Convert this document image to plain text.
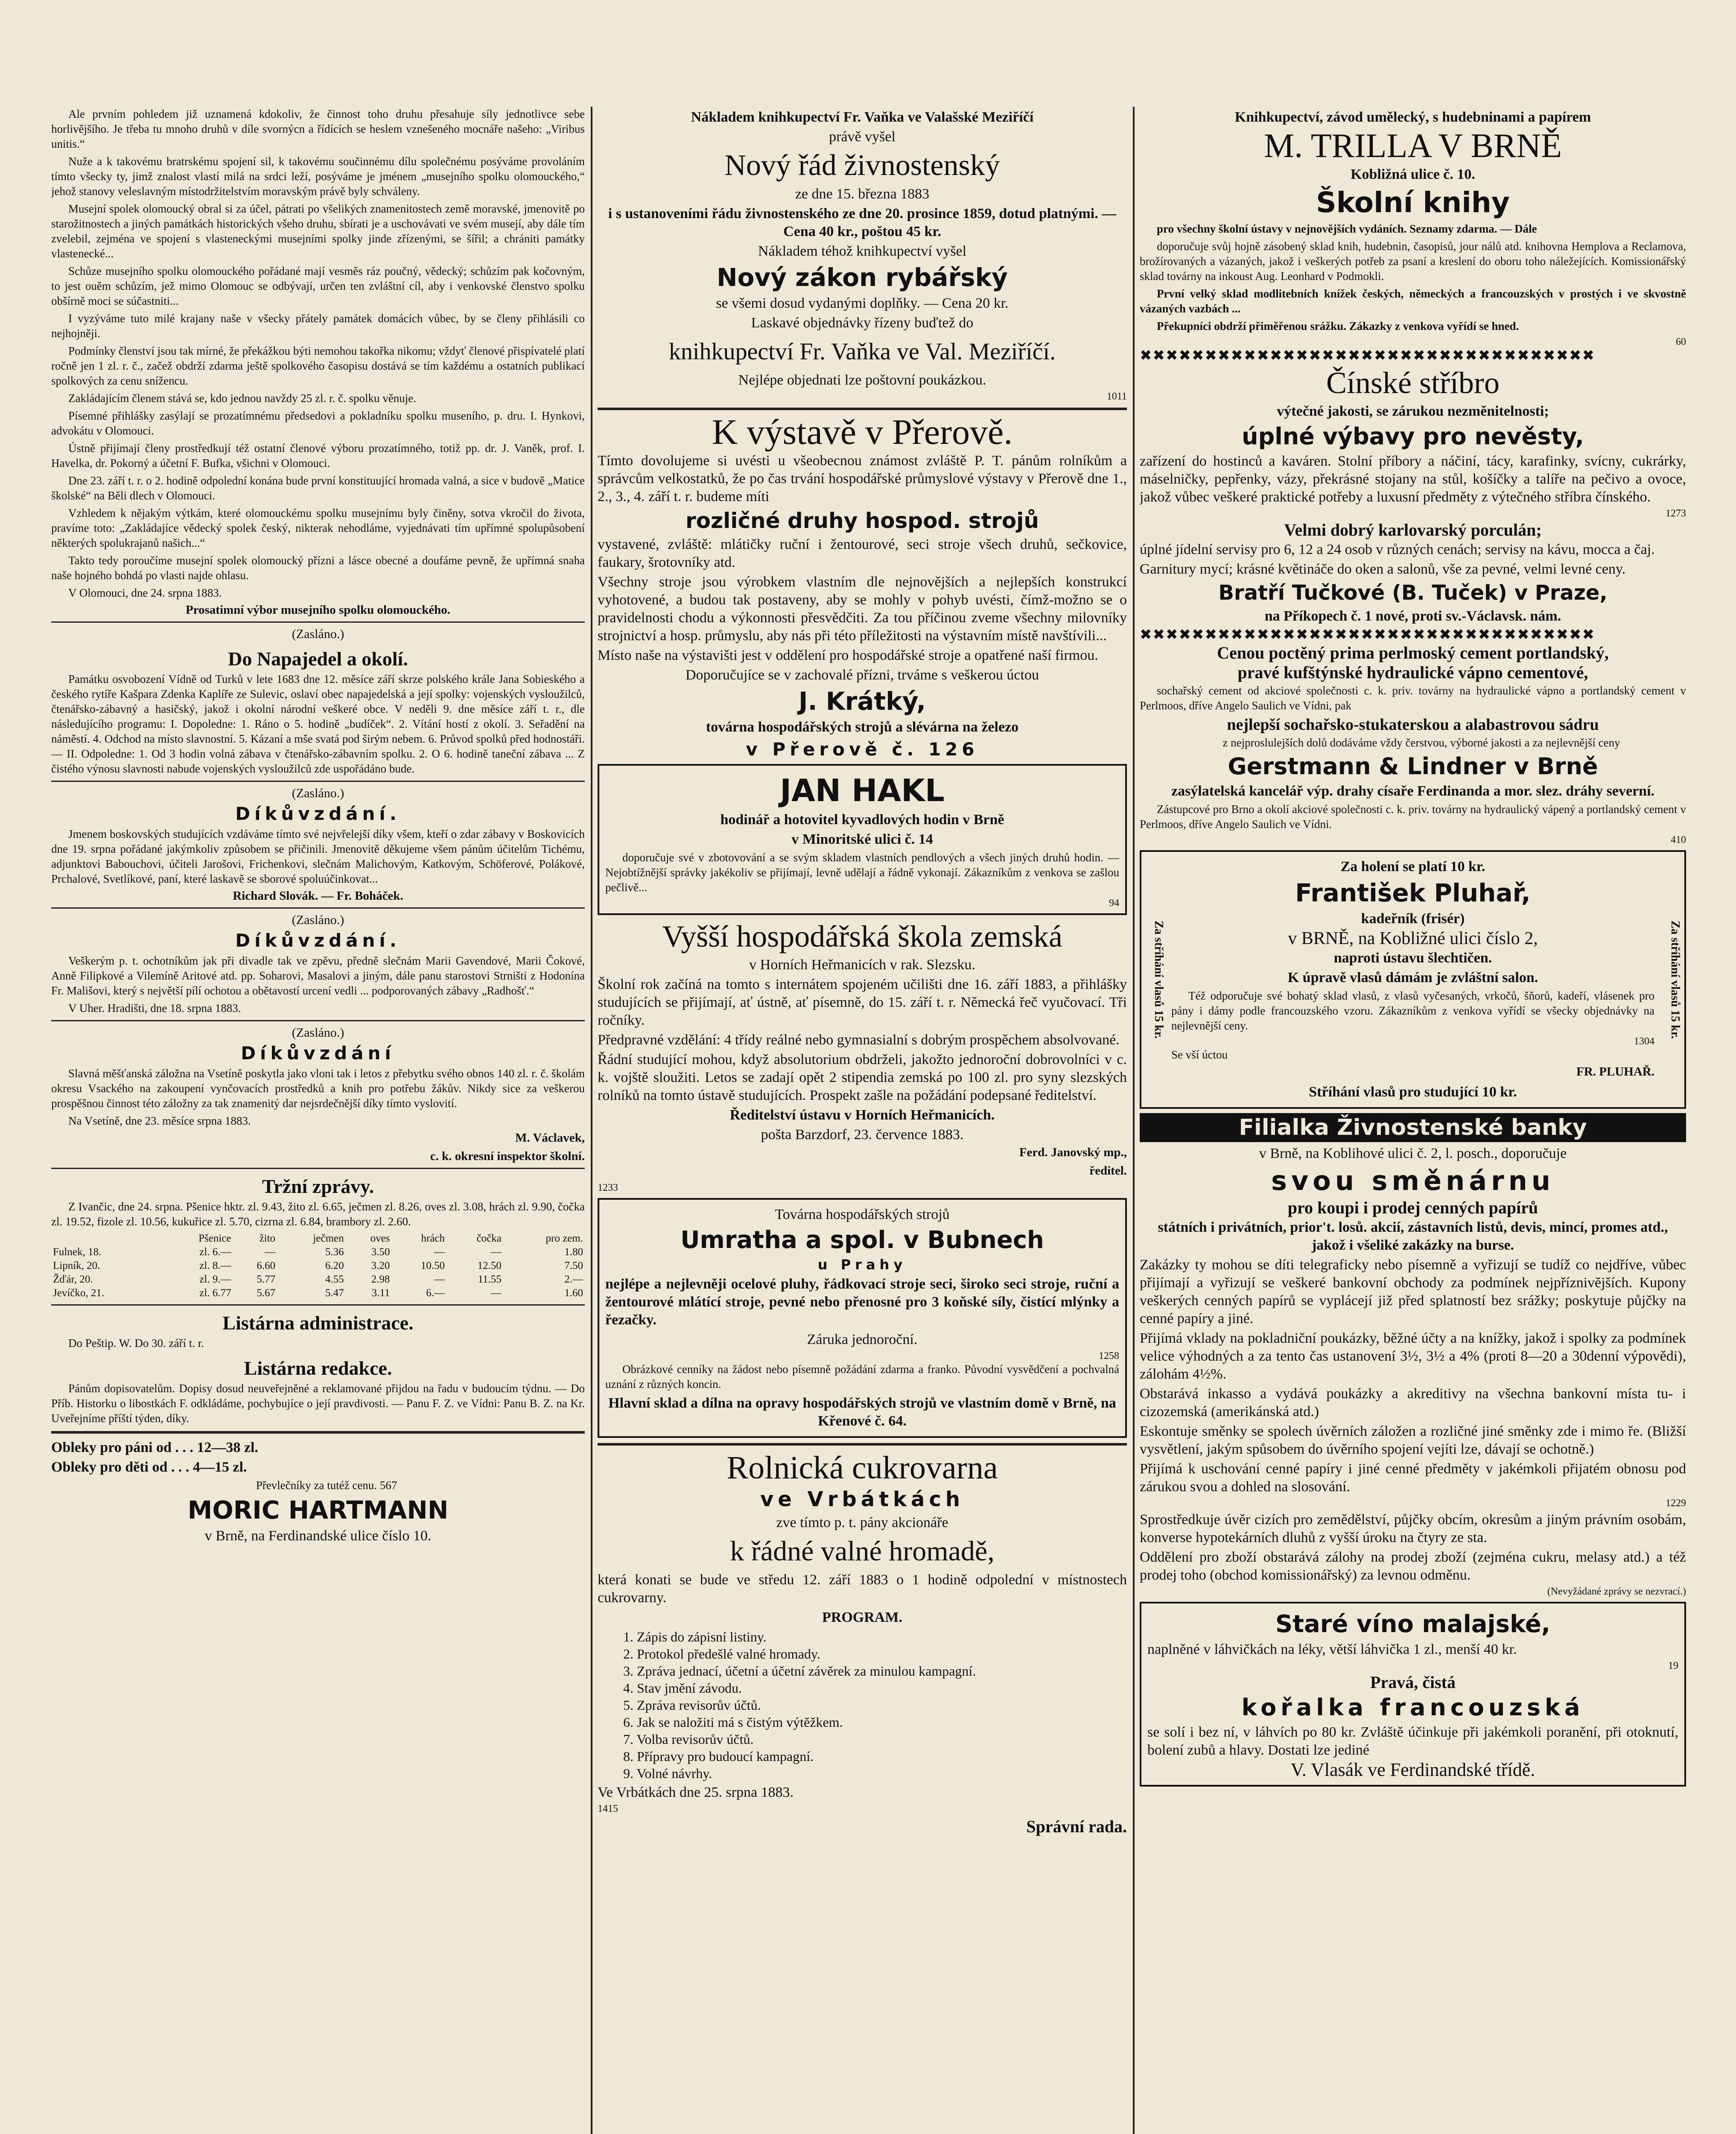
Ale prvním pohledem již uznamená kdokoliv, že činnost toho druhu přesahuje síly jednotlivce sebe horlivějšího. Je třeba tu mnoho druhů v díle svornýcn a řídících se heslem vznešeného mocnáře našeho: „Viribus unitis.“

Nuže a k takovému bratrskému spojení sil, k takovému součinnému dílu společnému posýváme provoláním tímto všecky ty, jimž znalost vlastí milá na srdci leží, posýváme je jménem „musejního spolku olomouckého,“ jehož stanovy veleslavným místodržitelstvím moravským právě byly schváleny.

Musejní spolek olomoucký obral si za účel, pátrati po všelikých znamenitostech země moravské, jmenovitě po starožitnostech a jiných památkách historických všeho druhu, sbírati je a uschovávati ve svém musejí, aby dále tím zvelebil, zejména ve spojení s vlasteneckými musejními spolky jinde zřízenými, se šířil; a chrániti památky vlastenecké...

Schůze musejního spolku olomouckého pořádané mají vesměs ráz poučný, vědecký; schůzím pak kočovným, to jest ouěm schůzím, jež mimo Olomouc se odbývají, určen ten zvláštní cíl, aby i venkovské členstvo spolku obšírně moci se súčastniti...

I vyzýváme tuto milé krajany naše v všecky přátely památek domácích vůbec, by se členy přihlásili co nejhojněji.

Podmínky členství jsou tak mírné, že překážkou býti nemohou takořka nikomu; vždyť členové přispívatelé platí ročně jen 1 zl. r. č., začež obdrží zdarma ještě spolkového časopisu dostává se tím každému a ostatních publikací spolkových za cenu snížencu.

Zakládajícím členem stává se, kdo jednou navždy 25 zl. r. č. spolku věnuje.

Písemné přihlášky zasýlají se prozatímnému předsedovi a pokladníku spolku museního, p. dru. I. Hynkovi, advokátu v Olomouci.

Ústně přijímají členy prostředkují též ostatní členové výboru prozatímného, totiž pp. dr. J. Vaněk, prof. I. Havelka, dr. Pokorný a účetní F. Bufka, všichni v Olomouci.

Dne 23. září t. r. o 2. hodině odpolední konána bude první konstituující hromada valná, a sice v budově „Matice školské“ na Běli dlech v Olomouci.

Vzhledem k nějakým výtkám, které olomouckému spolku musejnímu byly činěny, sotva vkročil do života, pravíme toto: „Zakládajíce vědecký spolek český, nikterak nehodláme, vyjednávati tím upřímné spolupůsobení některých spolukrajanů našich...“

Takto tedy poroučíme musejní spolek olomoucký přízni a lásce obecné a doufáme pevně, že upřímná snaha naše hojného bohdá po vlasti najde ohlasu.

V Olomouci, dne 24. srpna 1883.

Prosatimní výbor musejního spolku olomouckého.
(Zasláno.)
Do Napajedel a okolí.

Památku osvobození Vídně od Turků v lete 1683 dne 12. měsíce září skrze polského krále Jana Sobieského a českého rytíře Kašpara Zdenka Kaplíře ze Sulevic, oslaví obec napajedelská a její spolky: vojenských vysloužilců, čtenářsko-zábavný a hasičský, jakož i okolní národní veškeré obce. V neděli 9. dne měsíce září t. r., dle následujícího programu: I. Dopoledne: 1. Ráno o 5. hodině „budíček“. 2. Vítání hostí z okolí. 3. Seřadění na náměstí. 4. Odchod na místo slavnostní. 5. Kázaní a mše svatá pod širým nebem. 6. Průvod spolků před hodnostáři. — II. Odpoledne: 1. Od 3 hodin volná zábava v čtenářsko-zábavním spolku. 2. O 6. hodině taneční zábava ... Z čistého výnosu slavnosti nabude vojenských vysloužilců zde uspořádáno bude.

(Zasláno.)
Díkůvzdání.

Jmenem boskovských studujících vzdáváme tímto své nejvřelejší díky všem, kteří o zdar zábavy v Boskovicích dne 19. srpna pořádané jakýmkoliv způsobem se přičinili. Jmenovitě děkujeme všem pánům účitelům Tichému, adjunktovi Babouchovi, účiteli Jarošovi, Frichenkovi, slečnám Malichovým, Katkovým, Schöferové, Polákové, Prchalové, Svetlíkové, paní, které laskavě se sborové spoluúčinkovat...

Richard Slovák. — Fr. Boháček.
(Zasláno.)
Díkůvzdání.

Veškerým p. t. ochotníkům jak při divadle tak ve zpěvu, předně slečnám Marii Gavendové, Marii Čokové, Anně Filipkové a Vilemíně Aritové atd. pp. Soharovi, Masalovi a jiným, dále panu starostovi Strništi z Hodonína Fr. Mališovi, který s největší pílí ochotou a obětavostí urcení vedli ... podporovaných zábavy „Radhošť.“

V Uher. Hradišti, dne 18. srpna 1883.

(Zasláno.)
Díkůvzdání

Slavná měšťanská záložna na Vsetíně poskytla jako vloni tak i letos z přebytku svého obnos 140 zl. r. č. školám okresu Vsackého na zakoupení vynčovacích prostředků a knih pro potřebu žákův. Nikdy sice za veškerou prospěšnou činnost této záložny za tak znamenitý dar nejsrdečnější díky tímto vyslovití.

Na Vsetíně, dne 23. měsíce srpna 1883.

M. Václavek,
c. k. okresní inspektor školní.
Tržní zprávy.

Z Ivančic, dne 24. srpna. Pšenice hktr. zl. 9.43, žito zl. 6.65, ječmen zl. 8.26, oves zl. 3.08, hrách zl. 9.90, čočka zl. 19.52, fizole zl. 10.56, kukuřice zl. 5.70, cizrna zl. 6.84, brambory zl. 2.60.

	Pšenice	žito	ječmen	oves	hrách	čočka	pro zem.
Fulnek, 18.	zl. 6.—	—	5.36	3.50	—	—	1.80
Lipník, 20.	zl. 8.—	6.60	6.20	3.20	10.50	12.50	7.50
Žďár, 20.	zl. 9.—	5.77	4.55	2.98	—	11.55	2.—
Jevíčko, 21.	zl. 6.77	5.67	5.47	3.11	6.—	—	1.60
Listárna administrace.

Do Peštip. W. Do 30. září t. r.

Listárna redakce.

Pánům dopisovatelům. Dopisy dosud neuveřejněné a reklamované přijdou na řadu v budoucím týdnu. — Do Příb. Historku o libostkách F. odkládáme, pochybujíce o její pravdivosti. — Panu F. Z. ve Vídni: Panu B. Z. na Kr. Uveřejníme příští týden, díky.

Obleky pro páni od . . . 12—38 zl.
Obleky pro děti od . . . 4—15 zl.
Převlečníky za tutéž cenu. 567
MORIC HARTMANN
v Brně, na Ferdinandské ulice číslo 10.
Nákladem knihkupectví Fr. Vaňka ve Valašské Meziříčí
právě vyšel
Nový řád živnostenský
ze dne 15. března 1883
i s ustanoveními řádu živnostenského ze dne 20. prosince 1859, dotud platnými. — Cena 40 kr., poštou 45 kr.
Nákladem téhož knihkupectví vyšel
Nový zákon rybářský
se všemi dosud vydanými doplňky. — Cena 20 kr.
Laskavé objednávky řízeny buďtež do
knihkupectví Fr. Vaňka ve Val. Meziříčí.
Nejlépe objednati lze poštovní poukázkou.
1011
K výstavě v Přerově.

Tímto dovolujeme si uvésti u všeobecnou známost zvláště P. T. pánům rolníkům a správcům velkostatků, že po čas trvání hospodářské průmyslové výstavy v Přerově dne 1., 2., 3., 4. září t. r. budeme míti

rozličné druhy hospod. strojů

vystavené, zvláště: mlátičky ruční i žentourové, seci stroje všech druhů, sečkovice, faukary, šrotovníky atd.

Všechny stroje jsou výrobkem vlastním dle nejnovějších a nejlepších konstrukcí vyhotovené, a budou tak postaveny, aby se mohly v pohyb uvésti, čímž-možno se o pravidelnosti chodu a výkonnosti přesvědčiti. Za tou příčinou zveme všechny milovníky strojnictví a hosp. průmyslu, aby nás při této příležitosti na výstavním místě navštívili...

Místo naše na výstavišti jest v oddělení pro hospodářské stroje a opatřené naší firmou.

Doporučujíce se v zachovalé přízni, trváme s veškerou úctou

J. Krátký,
továrna hospodářských strojů a slévárna na železo
v Přerově č. 126
JAN HAKL
hodinář a hotovitel kyvadlových hodin v Brně
v Minoritské ulici č. 14

doporučuje své v zbotovování a se svým skladem vlastních pendlových a všech jiných druhů hodin. — Nejobtížnější správky jakékoliv se přijímají, levně udělají a řádně vykonají. Zákazníkům z venkova se zašlou pečlivě...

94
Vyšší hospodářská škola zemská
v Horních Heřmanicích v rak. Slezsku.

Školní rok začíná na tomto s internátem spojeném učilišti dne 16. září 1883, a přihlášky studujících se přijímají, ať ústně, ať písemně, do 15. září t. r. Německá řeč vyučovací. Tři ročníky.

Předpravné vzdělání: 4 třídy reálné nebo gymnasialní s dobrým prospěchem absolvované.

Řádní studující mohou, když absolutorium obdrželi, jakožto jednoroční dobrovolníci v c. k. vojště sloužiti. Letos se zadají opět 2 stipendia zemská po 100 zl. pro syny slezských rolníků na tomto ústavě studujících. Prospekt zašle na požádání podepsané ředitelství.

Ředitelství ústavu v Horních Heřmanicích.
pošta Barzdorf, 23. července 1883.
Ferd. Janovský mp.,
ředitel.
1233
Továrna hospodářských strojů
Umratha a spol. v Bubnech
u Prahy

nejlépe a nejlevněji ocelové pluhy, řádkovací stroje seci, široko seci stroje, ruční a žentourové mlátící stroje, pevné nebo přenosné pro 3 koňské síly, čistící mlýnky a řezačky.

Záruka jednoroční.
1258

Obrázkové cenníky na žádost nebo písemně požádání zdarma a franko. Původní vysvědčení a pochvalná uznání z různých koncin.

Hlavní sklad a dílna na opravy hospodářských strojů ve vlastním domě v Brně, na Křenové č. 64.

Rolnická cukrovarna
ve Vrbátkách
zve tímto p. t. pány akcionáře
k řádné valné hromadě,

která konati se bude ve středu 12. září 1883 o 1 hodině odpolední v místnostech cukrovarny.

PROGRAM.
1. Zápis do zápisní listiny.
2. Protokol předešlé valné hromady.
3. Zpráva jednací, účetní a účetní závěrek za minulou kampagní.
4. Stav jmění závodu.
5. Zpráva revisorův účtů.
6. Jak se naložiti má s čistým výtěžkem.
7. Volba revisorův účtů.
8. Přípravy pro budoucí kampagní.
9. Volné návrhy.
Ve Vrbátkách dne 25. srpna 1883.
1415
Správní rada.
Knihkupectví, závod umělecký, s hudebninami a papírem
M. TRILLA V BRNĚ
Kobližná ulice č. 10.
Školní knihy

pro všechny školní ústavy v nejnovějších vydáních. Seznamy zdarma. — Dále

doporučuje svůj hojně zásobený sklad knih, hudebnin, časopisů, jour nálů atd. knihovna Hemplova a Reclamova, brožírovaných a vázaných, jakož i veškerých potřeb za psaní a kreslení do oboru toho náležejících. Komissionářský sklad továrny na inkoust Aug. Leonhard v Podmokli.

První velký sklad modlitebních knížek českých, německých a francouzských v prostých i ve skvostně vázaných vazbách ...

Překupníci obdrží přiměřenou srážku. Zákazky z venkova vyřídí se hned.

60
✖✖✖✖✖✖✖✖✖✖✖✖✖✖✖✖✖✖✖✖✖✖✖✖✖✖✖✖✖✖✖✖✖✖✖
Čínské stříbro
výtečné jakosti, se zárukou nezměnitelnosti;
úplné výbavy pro nevěsty,

zařízení do hostinců a kaváren. Stolní příbory a náčiní, tácy, karafinky, svícny, cukrárky, máselničky, pepřenky, vázy, překrásné stojany na stůl, košíčky a talíře na pečivo a ovoce, jakož vůbec veškeré praktické potřeby a luxusní předměty z výtečného stříbra čínského.

1273
Velmi dobrý karlovarský porculán;

úplné jídelní servisy pro 6, 12 a 24 osob v různých cenách; servisy na kávu, mocca a čaj.

Garnitury mycí; krásné květináče do oken a salonů, vše za pevné, velmi levné ceny.

Bratří Tučkové (B. Tuček) v Praze,
na Příkopech č. 1 nové, proti sv.-Václavsk. nám.
✖✖✖✖✖✖✖✖✖✖✖✖✖✖✖✖✖✖✖✖✖✖✖✖✖✖✖✖✖✖✖✖✖✖✖
Cenou poctěný prima perlmoský cement portlandský,
pravé kufštýnské hydraulické vápno cementové,

sochařský cement od akciové společnosti c. k. priv. továrny na hydraulické vápno a portlandský cement v Perlmoos, dříve Angelo Saulich ve Vídni, pak

nejlepší sochařsko-stukaterskou a alabastrovou sádru

z nejproslulejších dolů dodáváme vždy čerstvou, výborné jakosti a za nejlevnější ceny

Gerstmann & Lindner v Brně
zasýlatelská kancelář výp. drahy císaře Ferdinanda a mor. slez. dráhy severní.

Zástupcové pro Brno a okolí akciové společnosti c. k. priv. továrny na hydraulický vápený a portlandský cement v Perlmoos, dříve Angelo Saulich ve Vídni.

410
Za stříhání vlasů 15 kr.	Za stříhání vlasů 15 kr.
Za holení se platí 10 kr.
František Pluhař,
kadeřník (frisér)
v BRNĚ, na Kobližné ulici číslo 2,
naproti ústavu šlechtičen.
K úpravě vlasů dámám je zvláštní salon.

Též odporučuje své bohatý sklad vlasů, z vlasů vyčesaných, vrkočů, šňorů, kadeří, vlásenek pro pány i dámy podle francouzského vzoru. Zákazníkům z venkova vyřídí se všecky objednávky na nejlevnější ceny.

1304
Se vší úctou
FR. PLUHAŘ.
Stříhání vlasů pro studující 10 kr.
Filialka Živnostenské banky
v Brně, na Koblihové ulici č. 2, l. posch., doporučuje
svou směnárnu
pro koupi i prodej cenných papírů
státních i privátních, prior't. losů. akcií, zástavních listů, devis, mincí, promes atd., jakož i všeliké zakázky na burse.

Zakázky ty mohou se díti telegraficky nebo písemně a vyřizují se tudíž co nejdříve, vůbec přijímají a vyřizují se veškeré bankovní obchody za podmínek nejpříznivějších. Kupony veškerých cenných papírů se vyplácejí již před splatností bez srážky; poskytuje půjčky na cenné papíry a jiné.

Přijímá vklady na pokladniční poukázky, běžné účty a na knížky, jakož i spolky za podmínek velice výhodných a za tento čas ustanovení 3½, 3½ a 4% (proti 8—20 a 30denní výpovědi), zálohám 4½%.

Obstarává inkasso a vydává poukázky a akreditivy na všechna bankovní místa tu- i cizozemská (amerikánská atd.)

Eskontuje směnky se spolech úvěrních záložen a rozličné jiné směnky zde i mimo ře. (Bližší vysvětlení, jakým spůsobem do úvěrního spojení vejíti lze, dávají se ochotně.)

Přijímá k uschování cenné papíry i jiné cenné předměty v jakémkoli přijatém obnosu pod zárukou svou a dohled na slosování.

1229

Sprostředkuje úvěr cizích pro zemědělství, půjčky obcím, okresům a jiným právním osobám, konverse hypotekárních dluhů z vyšší úroku na čtyry ze sta.

Oddělení pro zboží obstarává zálohy na prodej zboží (zejména cukru, melasy atd.) a též prodej toho (obchod komissionářský) za levnou odměnu.

(Nevyžádané zprávy se nezvrací.)
Staré víno malajské,

naplněné v láhvičkách na léky, větší láhvička 1 zl., menší 40 kr.

19
Pravá, čistá
kořalka francouzská

se solí i bez ní, v láhvích po 80 kr. Zvláště účinkuje při jakémkoli poranění, při otoknutí, bolení zubů a hlavy. Dostati lze jediné

V. Vlasák ve Ferdinandské třídě.
